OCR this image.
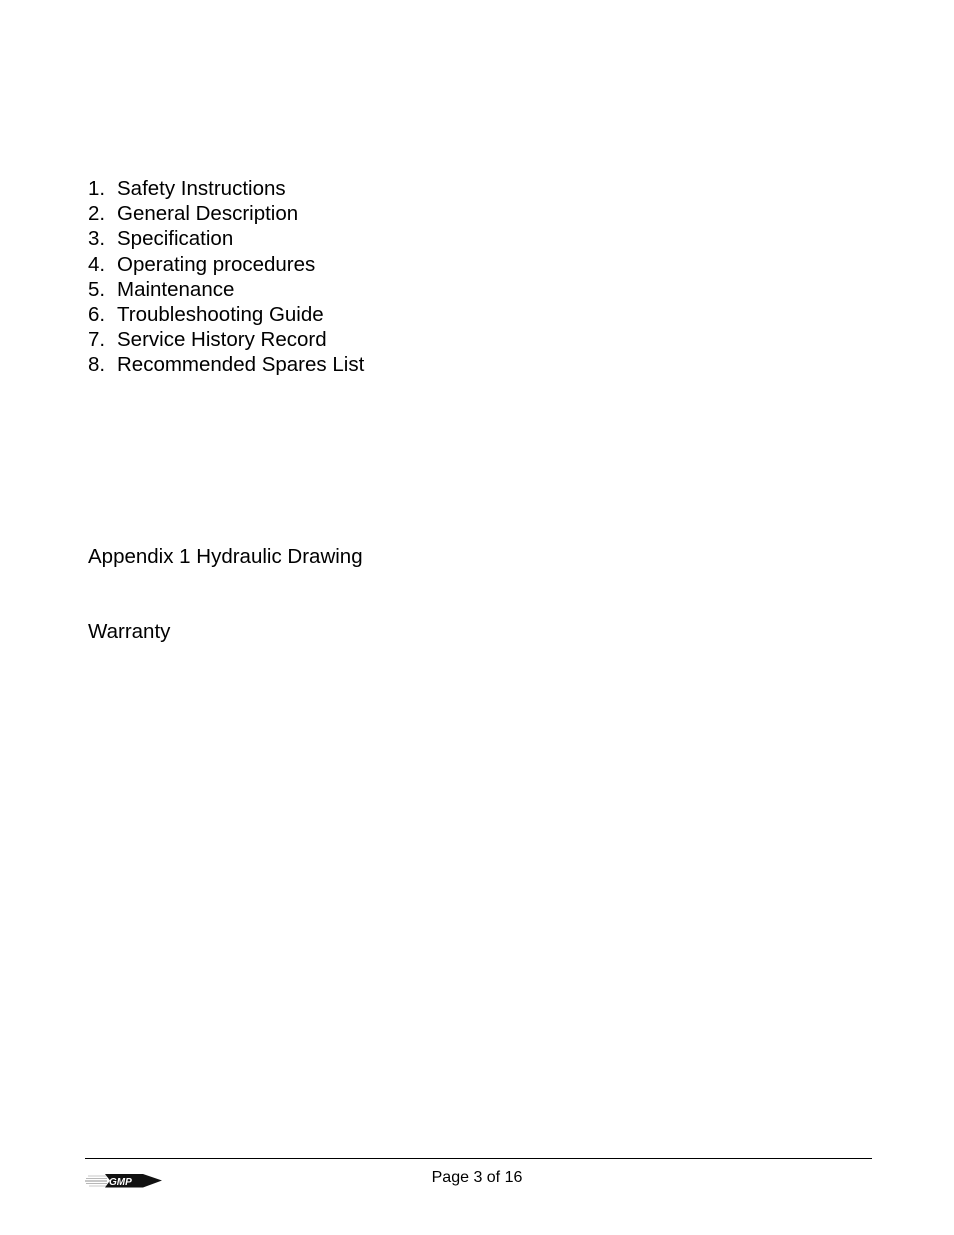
1. Safety Instructions
2. General Description
3. Specification
4. Operating procedures
5. Maintenance
6. Troubleshooting Guide
7. Service History Record
8. Recommended Spares List
Appendix 1 Hydraulic Drawing
Warranty
GMP	Page 3 of 16
